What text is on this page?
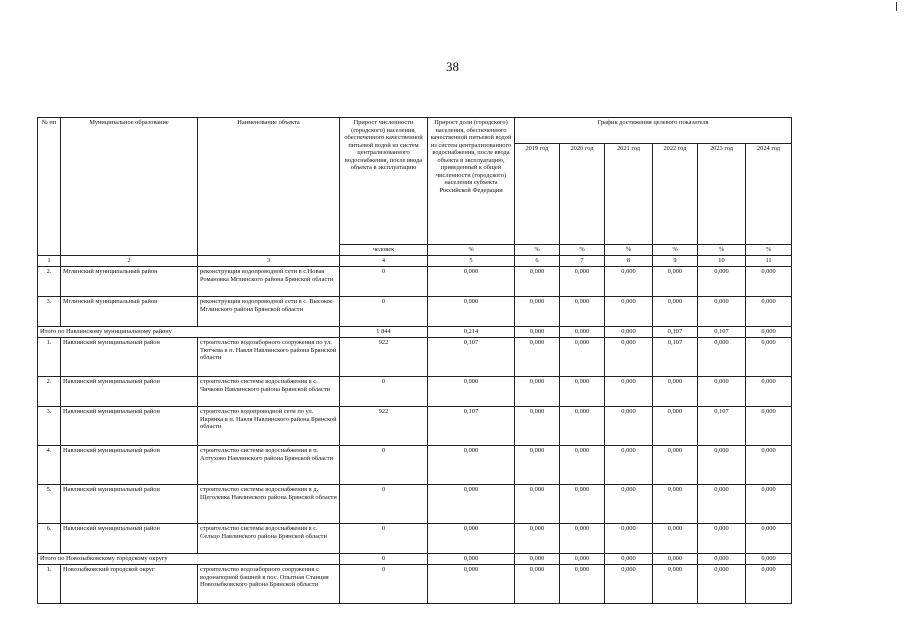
38
№ пп	Муниципальное образование	Наименование объекта	Прирост численности (городского) населения, обеспеченного качественной питьевой водой из систем централизованного водоснабжения, после ввода объекта в эксплуатацию	Прирост доли (городского) населения, обеспеченного качественной питьевой водой из систем централизованного водоснабжения, после ввода объекта в эксплуатацию, приведенный к общей численности (городского) населения субъекта Российской Федерации	График достижения целевого показателя					
					2019 год	2020 год	2021 год	2022 год	2023 год	2024 год
			человек	%	%	%	%	%	%	%
1	2	3	4	5	6	7	8	9	10	11
2.	Мглинский муниципальный район	реконструкция водопроводной сети в с.Новая Романовка Мглинского района Брянской области	0	0,000	0,000	0,000	0,000	0,000	0,000	0,000
3.	Мглинский муниципальный район	реконструкция водопроводной сети в с. Высокое Мглинского района Брянской области	0	0,000	0,000	0,000	0,000	0,000	0,000	0,000
Итого по Навлинскому муниципальному району			1 844	0,214	0,000	0,000	0,000	0,107	0,107	0,000
1.	Навлинский муниципальный район	строительство водозаборного сооружения по ул. Тютчева в п. Навля Навлинского района Брянской области	922	0,107	0,000	0,000	0,000	0,107	0,000	0,000
2.	Навлинский муниципальный район	строительство системы водоснабжения в с. Чичково Навлинского района Брянской области	0	0,000	0,000	0,000	0,000	0,000	0,000	0,000
3.	Навлинский муниципальный район	строительство водопроводной сети по ул. Икрянка в п. Навля Навлинского района Брянской области	922	0,107	0,000	0,000	0,000	0,000	0,107	0,000
4.	Навлинский муниципальный район	строительство системы водоснабжения в п. Алтухово Навлинского района Брянской области	0	0,000	0,000	0,000	0,000	0,000	0,000	0,000
5.	Навлинский муниципальный район	строительство системы водоснабжения в д. Щеголевка Навлинского района Брянской области	0	0,000	0,000	0,000	0,000	0,000	0,000	0,000
6.	Навлинский муниципальный район	строительство системы водоснабжения в с. Сельцо Навлинского района Брянской области	0	0,000	0,000	0,000	0,000	0,000	0,000	0,000
Итого по Новозыбковскому городскому округу			0	0,000	0,000	0,000	0,000	0,000	0,000	0,000
1.	Новозыбковский городской округ	строительство водозаборного сооружения с водонапорной башней в пос. Опытная Станция Новозыбковского района Брянской области	0	0,000	0,000	0,000	0,000	0,000	0,000	0,000
